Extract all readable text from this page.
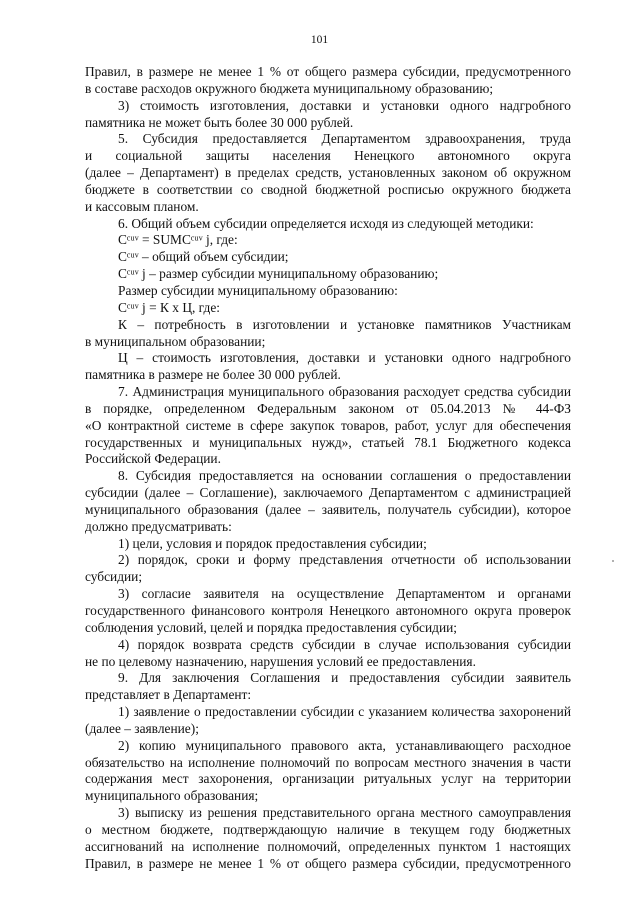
101
Правил, в размере не менее 1 % от общего размера субсидии, предусмотренного
в составе расходов окружного бюджета муниципальному образованию;
3) стоимость изготовления, доставки и установки одного надгробного
памятника не может быть более 30 000 рублей.
5. Субсидия предоставляется Департаментом здравоохранения, труда
и социальной защиты населения Ненецкого автономного округа
(далее – Департамент) в пределах средств, установленных законом об окружном
бюджете в соответствии со сводной бюджетной росписью окружного бюджета
и кассовым планом.
6. Общий объем субсидии определяется исходя из следующей методики:
Сᶜᵘᵛ = SUMCᶜᵘᵛ j, где:
Сᶜᵘᵛ – общий объем субсидии;
Сᶜᵘᵛ j – размер субсидии муниципальному образованию;
Размер субсидии муниципальному образованию:
Сᶜᵘᵛ j = К х Ц, где:
К – потребность в изготовлении и установке памятников Участникам
в муниципальном образовании;
Ц – стоимость изготовления, доставки и установки одного надгробного
памятника в размере не более 30 000 рублей.
7. Администрация муниципального образования расходует средства субсидии
в порядке, определенном Федеральным законом от 05.04.2013 № 44-ФЗ
«О контрактной системе в сфере закупок товаров, работ, услуг для обеспечения
государственных и муниципальных нужд», статьей 78.1 Бюджетного кодекса
Российской Федерации.
8. Субсидия предоставляется на основании соглашения о предоставлении
субсидии (далее – Соглашение), заключаемого Департаментом с администрацией
муниципального образования (далее – заявитель, получатель субсидии), которое
должно предусматривать:
1) цели, условия и порядок предоставления субсидии;
2) порядок, сроки и форму представления отчетности об использовании
субсидии;
3) согласие заявителя на осуществление Департаментом и органами
государственного финансового контроля Ненецкого автономного округа проверок
соблюдения условий, целей и порядка предоставления субсидии;
4) порядок возврата средств субсидии в случае использования субсидии
не по целевому назначению, нарушения условий ее предоставления.
9. Для заключения Соглашения и предоставления субсидии заявитель
представляет в Департамент:
1) заявление о предоставлении субсидии с указанием количества захоронений
(далее – заявление);
2) копию муниципального правового акта, устанавливающего расходное
обязательство на исполнение полномочий по вопросам местного значения в части
содержания мест захоронения, организации ритуальных услуг на территории
муниципального образования;
3) выписку из решения представительного органа местного самоуправления
о местном бюджете, подтверждающую наличие в текущем году бюджетных
ассигнований на исполнение полномочий, определенных пунктом 1 настоящих
Правил, в размере не менее 1 % от общего размера субсидии, предусмотренного
